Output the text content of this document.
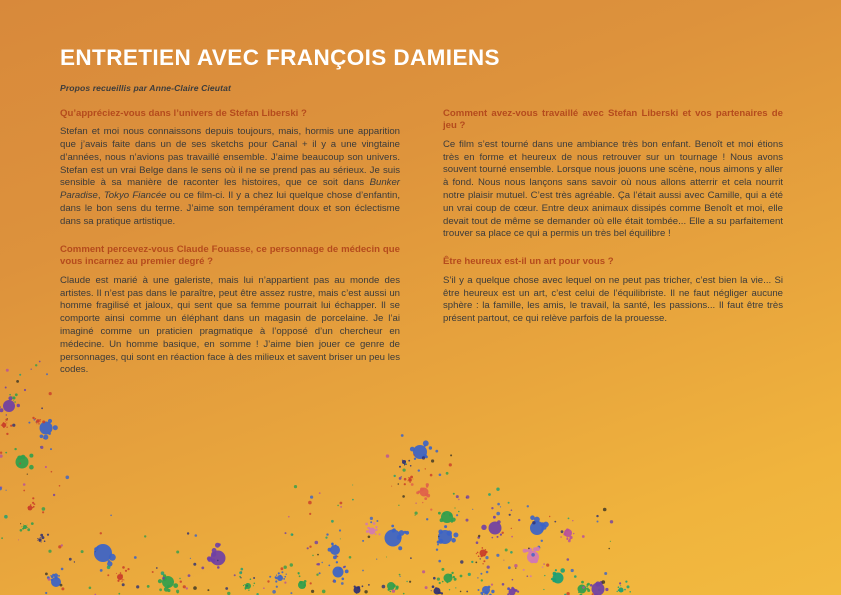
ENTRETIEN AVEC FRANÇOIS DAMIENS

Propos recueillis par Anne-Claire Cieutat

Qu’appréciez-vous dans l’univers de Stefan Liberski ?

Stefan et moi nous connaissons depuis toujours, mais, hormis une apparition que j’avais faite dans un de ses sketchs pour Canal + il y a une vingtaine d’années, nous n’avions pas travaillé ensemble. J’aime beaucoup son univers. Stefan est un vrai Belge dans le sens où il ne se prend pas au sérieux. Je suis sensible à sa manière de raconter les histoires, que ce soit dans Bunker Paradise, Tokyo Fiancée ou ce film-ci. Il y a chez lui quelque chose d’enfantin, dans le bon sens du terme. J’aime son tempérament doux et son éclectisme dans sa pratique artistique.

Comment percevez-vous Claude Fouasse, ce personnage de médecin que vous incarnez au premier degré ?

Claude est marié à une galeriste, mais lui n’appartient pas au monde des artistes. Il n’est pas dans le paraître, peut être assez rustre, mais c’est aussi un homme fragilisé et jaloux, qui sent que sa femme pourrait lui échapper. Il se comporte ainsi comme un éléphant dans un magasin de porcelaine. Je l’ai imaginé comme un praticien pragmatique à l’opposé d’un chercheur en médecine. Un homme basique, en somme ! J’aime bien jouer ce genre de personnages, qui sont en réaction face à des milieux et savent briser un peu les codes.

Comment avez-vous travaillé avec Stefan Liberski et vos partenaires de jeu ?

Ce film s’est tourné dans une ambiance très bon enfant. Benoît et moi étions très en forme et heureux de nous retrouver sur un tournage ! Nous avons souvent tourné ensemble. Lorsque nous jouons une scène, nous aimons y aller à fond. Nous nous lançons sans savoir où nous allons atterrir et cela nourrit notre plaisir mutuel. C’est très agréable. Ça l’était aussi avec Camille, qui a été un vrai coup de cœur. Entre deux animaux dissipés comme Benoît et moi, elle devait tout de même se demander où elle était tombée... Elle a su parfaitement trouver sa place ce qui a permis un très bel équilibre !

Être heureux est-il un art pour vous ?

S’il y a quelque chose avec lequel on ne peut pas tricher, c’est bien la vie... Si être heureux est un art, c’est celui de l’équilibriste. Il ne faut négliger aucune sphère : la famille, les amis, le travail, la santé, les passions... Il faut être très présent partout, ce qui relève parfois de la prouesse.
